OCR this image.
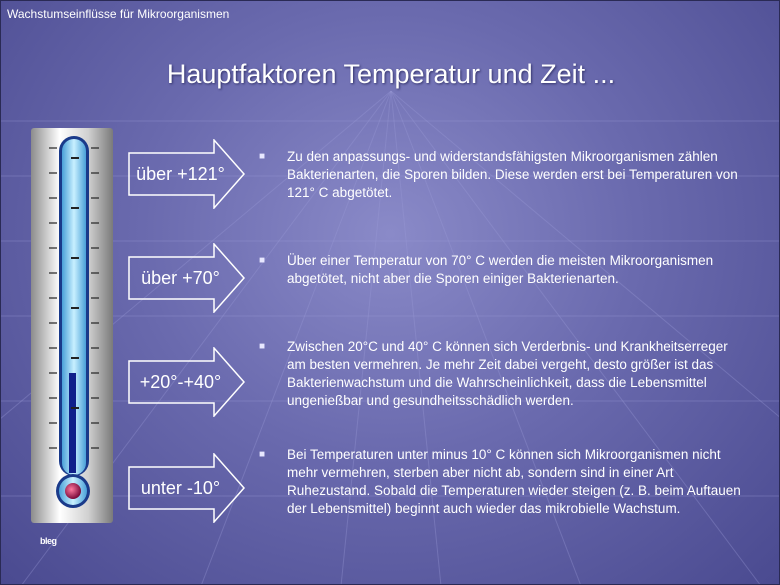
Wachstumseinflüsse für Mikroorganismen
Hauptfaktoren Temperatur und Zeit ...
über +121°
über +70°
+20°-+40°
unter -10°
■	Zu den anpassungs- und widerstandsfähigsten Mikroorganismen zählen Bakterienarten, die Sporen bilden. Diese werden erst bei Temperaturen von 121° C abgetötet.
■	Über einer Temperatur von 70° C werden die meisten Mikroorganismen abgetötet, nicht aber die Sporen einiger Bakterienarten.
■	Zwischen 20°C und 40° C können sich Verderbnis- und Krankheitserreger am besten vermehren. Je mehr Zeit dabei vergeht, desto größer ist das Bakterienwachstum und die Wahrscheinlichkeit, dass die Lebensmittel ungenießbar und gesundheitsschädlich werden.
■	Bei Temperaturen unter minus 10° C können sich Mikroorganismen nicht mehr vermehren, sterben aber nicht ab, sondern sind in einer Art Ruhezustand. Sobald die Temperaturen wieder steigen (z. B. beim Auftauen der Lebensmittel) beginnt auch wieder das mikrobielle Wachstum.
bleg
